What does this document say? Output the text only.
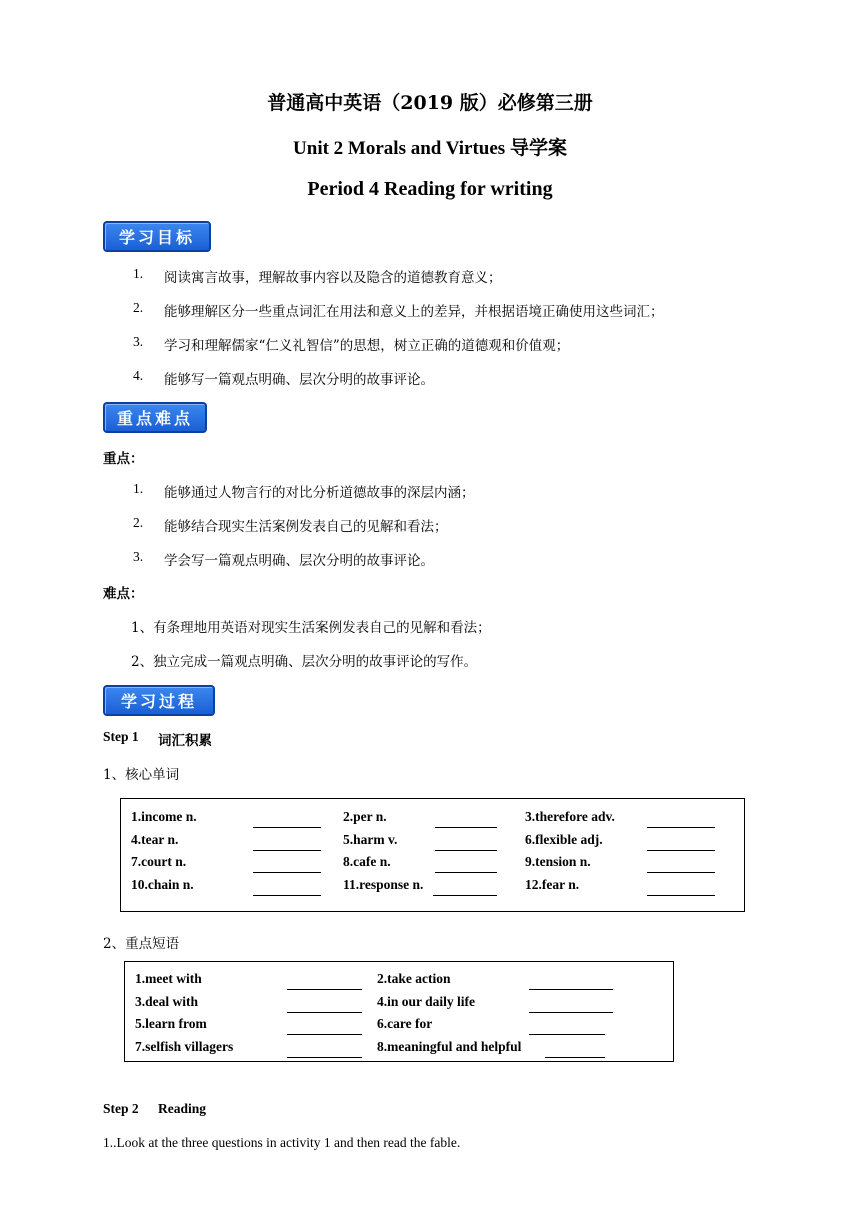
普通高中英语（2019 版）必修第三册
Unit 2 Morals and Virtues 导学案
Period 4 Reading for writing
学习目标
1. 阅读寓言故事，理解故事内容以及隐含的道德教育意义；
2. 能够理解区分一些重点词汇在用法和意义上的差异，并根据语境正确使用这些词汇；
3. 学习和理解儒家“仁义礼智信”的思想，树立正确的道德观和价值观；
4. 能够写一篇观点明确、层次分明的故事评论。
重点难点
重点：
1. 能够通过人物言行的对比分析道德故事的深层内涵；
2. 能够结合现实生活案例发表自己的见解和看法；
3. 学会写一篇观点明确、层次分明的故事评论。
难点：
1、有条理地用英语对现实生活案例发表自己的见解和看法；
2、独立完成一篇观点明确、层次分明的故事评论的写作。
学习过程
Step 1 词汇积累
1、核心单词
1.income n.	2.per n.	3.therefore adv.
4.tear n.	5.harm v.	6.flexible adj.
7.court n.	8.cafe n.	9.tension n.
10.chain n.	11.response n.	12.fear n.
2、重点短语
1.meet with	2.take action
3.deal with	4.in our daily life
5.learn from	6.care for
7.selfish villagers	8.meaningful and helpful
Step 2 Reading
1..Look at the three questions in activity 1 and then read the fable.
